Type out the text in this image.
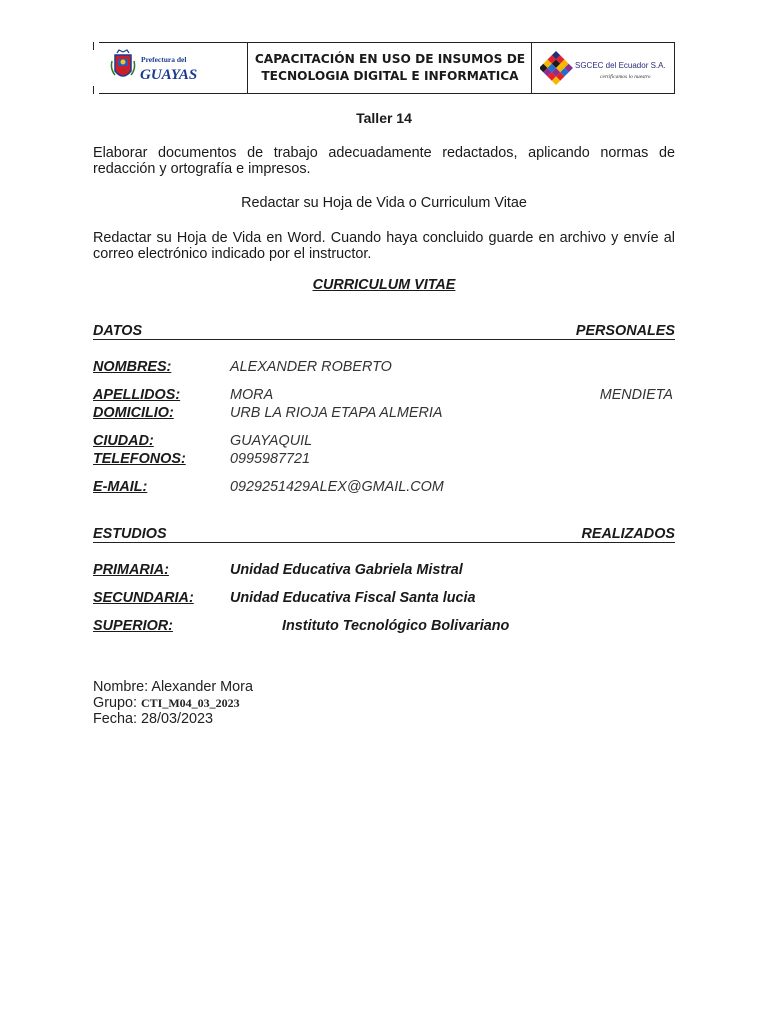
Prefectura del
GUAYAS
CAPACITACIÓN EN USO DE INSUMOS DE
TECNOLOGIA DIGITAL E INFORMATICA
SGCEC del Ecuador S.A.
certificamos lo nuestro
Taller 14
Elaborar documentos de trabajo adecuadamente redactados, aplicando normas de redacción y ortografía e impresos.
Redactar su Hoja de Vida o Curriculum Vitae
Redactar su Hoja de Vida en Word. Cuando haya concluido guarde en archivo y envíe al correo electrónico indicado por el instructor.
CURRICULUM VITAE
DATOS	PERSONALES
NOMBRES:	ALEXANDER ROBERTO
APELLIDOS:	MORA	MENDIETA
DOMICILIO:	URB LA RIOJA ETAPA ALMERIA
CIUDAD:	GUAYAQUIL
TELEFONOS:	0995987721
E-MAIL:	0929251429ALEX@GMAIL.COM
ESTUDIOS	REALIZADOS
PRIMARIA:	Unidad Educativa Gabriela Mistral
SECUNDARIA:	Unidad Educativa Fiscal Santa lucia
SUPERIOR:	Instituto Tecnológico Bolivariano
Nombre: Alexander Mora
Grupo: CTI_M04_03_2023
Fecha: 28/03/2023
